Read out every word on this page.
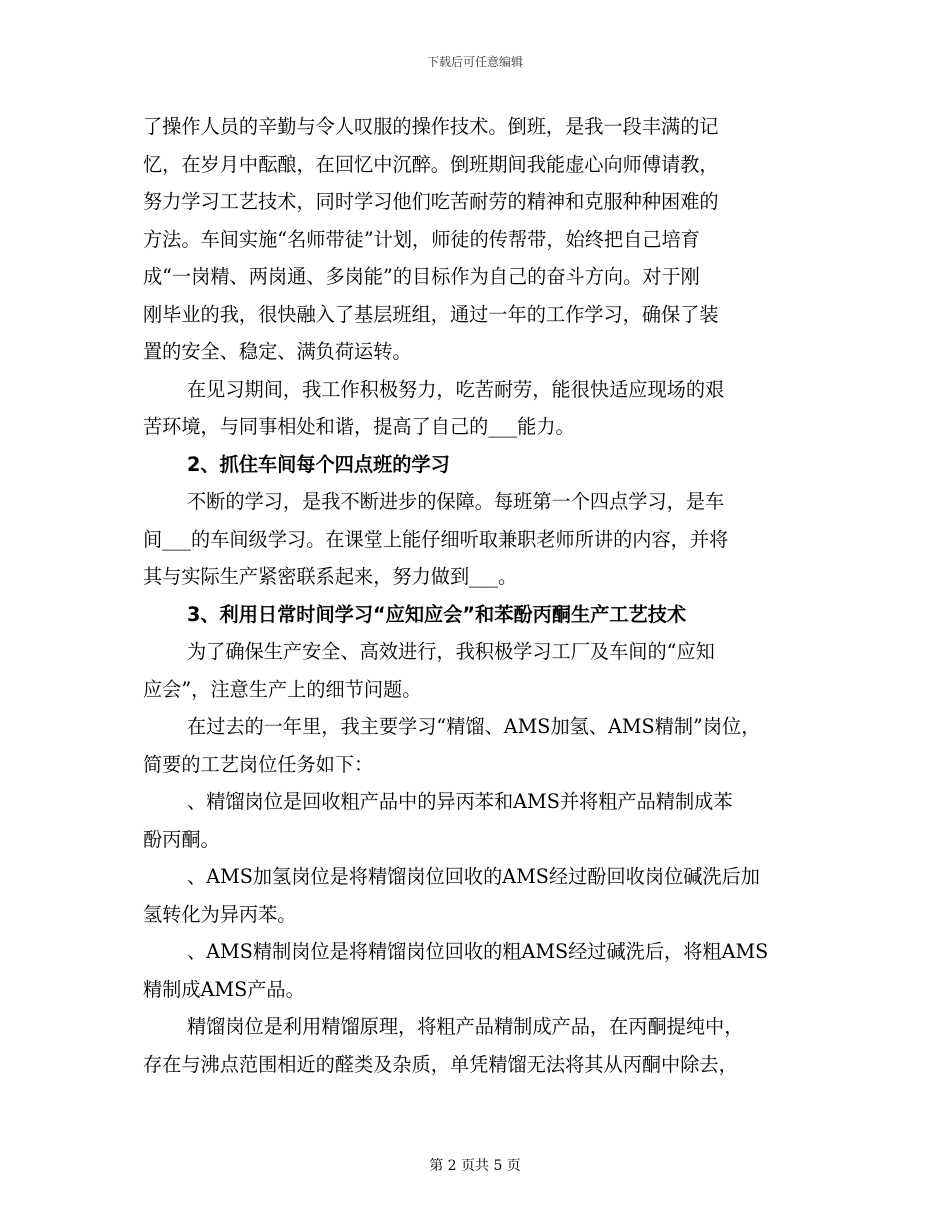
下载后可任意编辑
了操作人员的辛勤与令人叹服的操作技术。倒班，是我一段丰满的记
忆，在岁月中酝酿，在回忆中沉醉。倒班期间我能虚心向师傅请教，
努力学习工艺技术，同时学习他们吃苦耐劳的精神和克服种种困难的
方法。车间实施“名师带徒”计划，师徒的传帮带，始终把自己培育
成“一岗精、两岗通、多岗能”的目标作为自己的奋斗方向。对于刚
刚毕业的我，很快融入了基层班组，通过一年的工作学习，确保了装
置的安全、稳定、满负荷运转。
在见习期间，我工作积极努力，吃苦耐劳，能很快适应现场的艰
苦环境，与同事相处和谐，提高了自己的___能力。
2、抓住车间每个四点班的学习
不断的学习，是我不断进步的保障。每班第一个四点学习，是车
间___的车间级学习。在课堂上能仔细听取兼职老师所讲的内容，并将
其与实际生产紧密联系起来，努力做到___。
3、利用日常时间学习“应知应会”和苯酚丙酮生产工艺技术
为了确保生产安全、高效进行，我积极学习工厂及车间的“应知
应会”，注意生产上的细节问题。
在过去的一年里，我主要学习“精馏、AMS加氢、AMS精制”岗位，
简要的工艺岗位任务如下：
、精馏岗位是回收粗产品中的异丙苯和AMS并将粗产品精制成苯
酚丙酮。
、AMS加氢岗位是将精馏岗位回收的AMS经过酚回收岗位碱洗后加
氢转化为异丙苯。
、AMS精制岗位是将精馏岗位回收的粗AMS经过碱洗后，将粗AMS
精制成AMS产品。
精馏岗位是利用精馏原理，将粗产品精制成产品，在丙酮提纯中，
存在与沸点范围相近的醛类及杂质，单凭精馏无法将其从丙酮中除去，
第 2 页共 5 页
